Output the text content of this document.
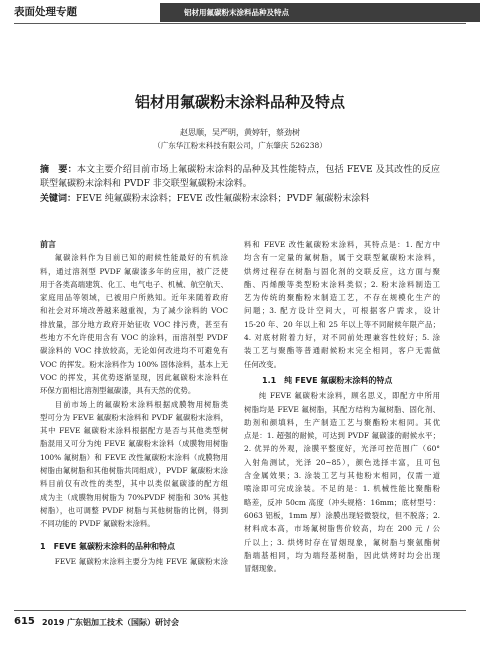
表面处理专题	铝材用氟碳粉末涂料品种及特点
铝材用氟碳粉末涂料品种及特点
赵思顺，吴严明，黄婷轩，蔡劲树
（广东华江粉末科技有限公司，广东肇庆 526238）
摘　要：本文主要介绍目前市场上氟碳粉末涂料的品种及其性能特点，包括 FEVE 及其改性的反应
联型氟碳粉末涂料和 PVDF 非交联型氟碳粉末涂料。
关键词：FEVE 纯氟碳粉末涂料；FEVE 改性氟碳粉末涂料；PVDF 氟碳粉末涂料
前言
氟碳涂料作为目前已知的耐候性能最好的有机涂
料，通过溶剂型 PVDF 氟碳漆多年的应用，被广泛使
用于各类高端建筑、化工、电气电子、机械、航空航天、
家庭用品等领域，已被用户所熟知。近年来随着政府
和社会对环境改善越来越重视，为了减少涂料的 VOC
排放量，部分地方政府开始征收 VOC 排污费，甚至有
些地方不允许使用含有 VOC 的涂料，而溶剂型 PVDF
碳涂料的 VOC 排放较高，无论如何改进均不可避免有
VOC 的挥发。粉末涂料作为 100% 固体涂料，基本上无
VOC 的挥发，其优势逐渐显现，因此氟碳粉末涂料在
环保方面相比溶剂型氟碳漆，具有天然的优势。
目前市场上的氟碳粉末涂料根据成膜物用树脂类
型可分为 FEVE 氟碳粉末涂料和 PVDF 氟碳粉末涂料，
其中 FEVE 氟碳粉末涂料根据配方是否与其他类型树
脂混用又可分为纯 FEVE 氟碳粉末涂料（成膜物用树脂
100% 氟树脂）和 FEVE 改性氟碳粉末涂料（成膜物用
树脂由氟树脂和其他树脂共同组成），PVDF 氟碳粉末涂
料目前仅有改性的类型，其中以类似氟碳漆的配方组
成为主（成膜物用树脂为 70%PVDF 树脂和 30% 其他
树脂），也可调整 PVDF 树脂与其他树脂的比例，得到
不同功能的 PVDF 氟碳粉末涂料。
1 FEVE 氟碳粉末涂料的品种和特点
FEVE 氟碳粉末涂料主要分为纯 FEVE 氟碳粉末涂
料和 FEVE 改性氟碳粉末涂料，其特点是：1. 配方中
均含有一定量的氟树脂，属于交联型氟碳粉末涂料，
烘烤过程存在树脂与固化剂的交联反应，这方面与聚
酯、丙烯酸等类型粉末涂料类似；2. 粉末涂料制造工
艺为传统的聚酯粉末制造工艺，不存在规模化生产的
问题；3. 配方设计空间大，可根据客户需求，设计
15-20 年、20 年以上和 25 年以上等不同耐候年限产品；
4. 对底材附着力好，对不同前处理兼容性较好；5. 涂
装工艺与聚酯等普通耐候粉末完全相同，客户无需做
任何改变。
1.1 纯 FEVE 氟碳粉末涂料的特点
纯 FEVE 氟碳粉末涂料，顾名思义，即配方中所用
树脂均是 FEVE 氟树脂，其配方结构为氟树脂、固化剂、
助剂和颜填料，生产制造工艺与聚酯粉末相同。其优
点是：1. 超强的耐候，可达到 PVDF 氟碳漆的耐候水平；
2. 优异的外观，涂膜平整度好，光泽可控范围广（60°
入射角测试，光泽 20~85），颜色选择丰富，且可包
含金属效果；3. 涂装工艺与其他粉末相同，仅需一道
喷涂即可完成涂装。不足的是：1. 机械性能比聚酯粉
略差，反冲 50cm 高度（冲头规格：16mm；底材型号：
6063 铝板，1mm 厚）涂膜出现轻微裂纹，但不脱落；2.
材料成本高，市场氟树脂售价较高，均在 200 元 / 公
斤以上；3. 烘烤时存在冒烟现象，氟树脂与聚氨酯树
脂端基相同，均为端羟基树脂，因此烘烤时均会出现
冒烟现象。
615 2019 广东铝加工技术（国际）研讨会
